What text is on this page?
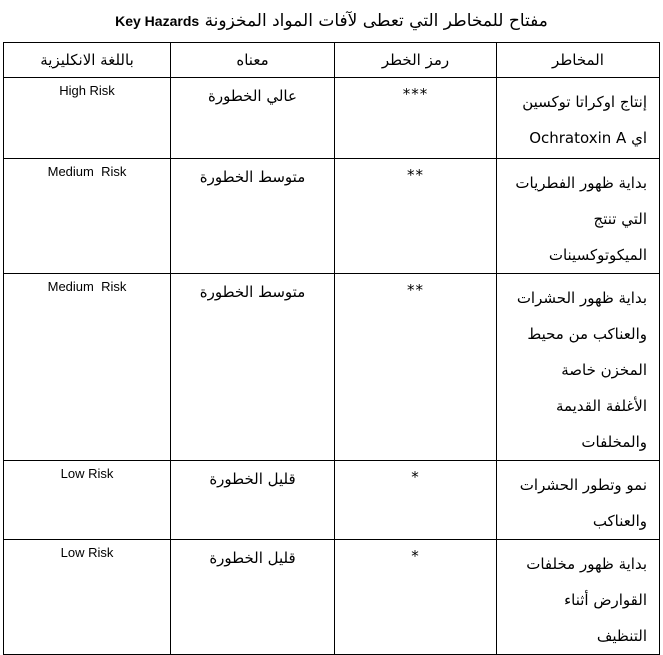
Key Hazards مفتاح للمخاطر التي تعطى لآفات المواد المخزونة
المخاطر	رمز الخطر	معناه	باللغة الانكليزية

إنتاج اوكراتا توكسين
اي Ochratoxin A	***	عالي الخطورة	High Risk

بداية ظهور الفطريات
التي تنتج
الميكوتوكسينات	**	متوسط الخطورة	Medium  Risk

بداية ظهور الحشرات
والعناكب من محيط
المخزن خاصة
الأغلفة القديمة
والمخلفات	**	متوسط الخطورة	Medium  Risk

نمو وتطور الحشرات
والعناكب	*	قليل الخطورة	Low Risk

بداية ظهور مخلفات
القوارض أثناء
التنظيف	*	قليل الخطورة	Low Risk
